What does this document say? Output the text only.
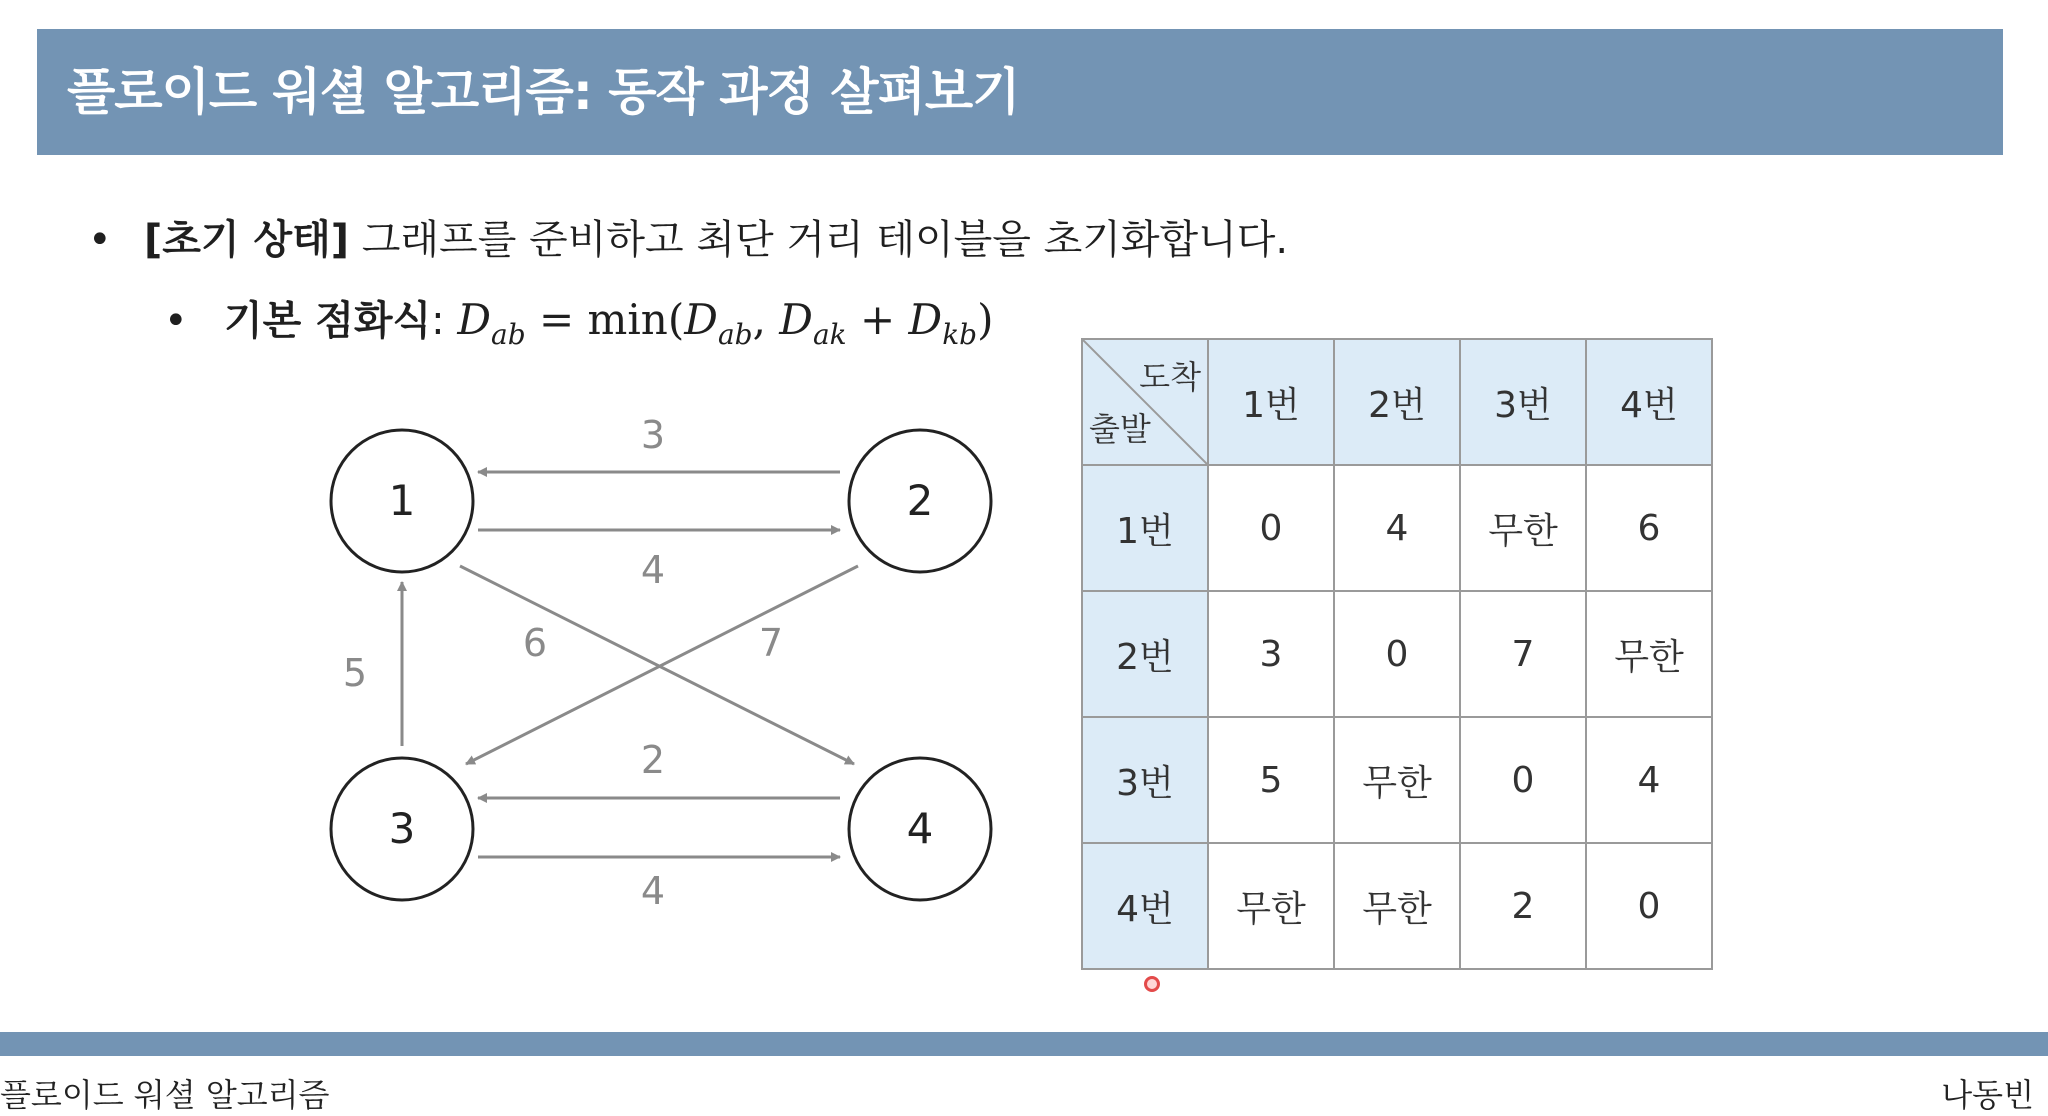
플로이드 워셜 알고리즘: 동작 과정 살펴보기
• [초기 상태] 그래프를 준비하고 최단 거리 테이블을 초기화합니다.
• 기본 점화식: $D_{ab} = \min(D_{ab}$, $D_{ak} + D_{kb}$)
3
4
5
6	7
2
4
1	2
3	4
도착
출발	1번	2번	3번	4번
1번	0	4	무한	6
2번	3	0	7	무한
3번	5	무한	0	4
4번	무한	무한	2	0
플로이드 워셜 알고리즘	나동빈
